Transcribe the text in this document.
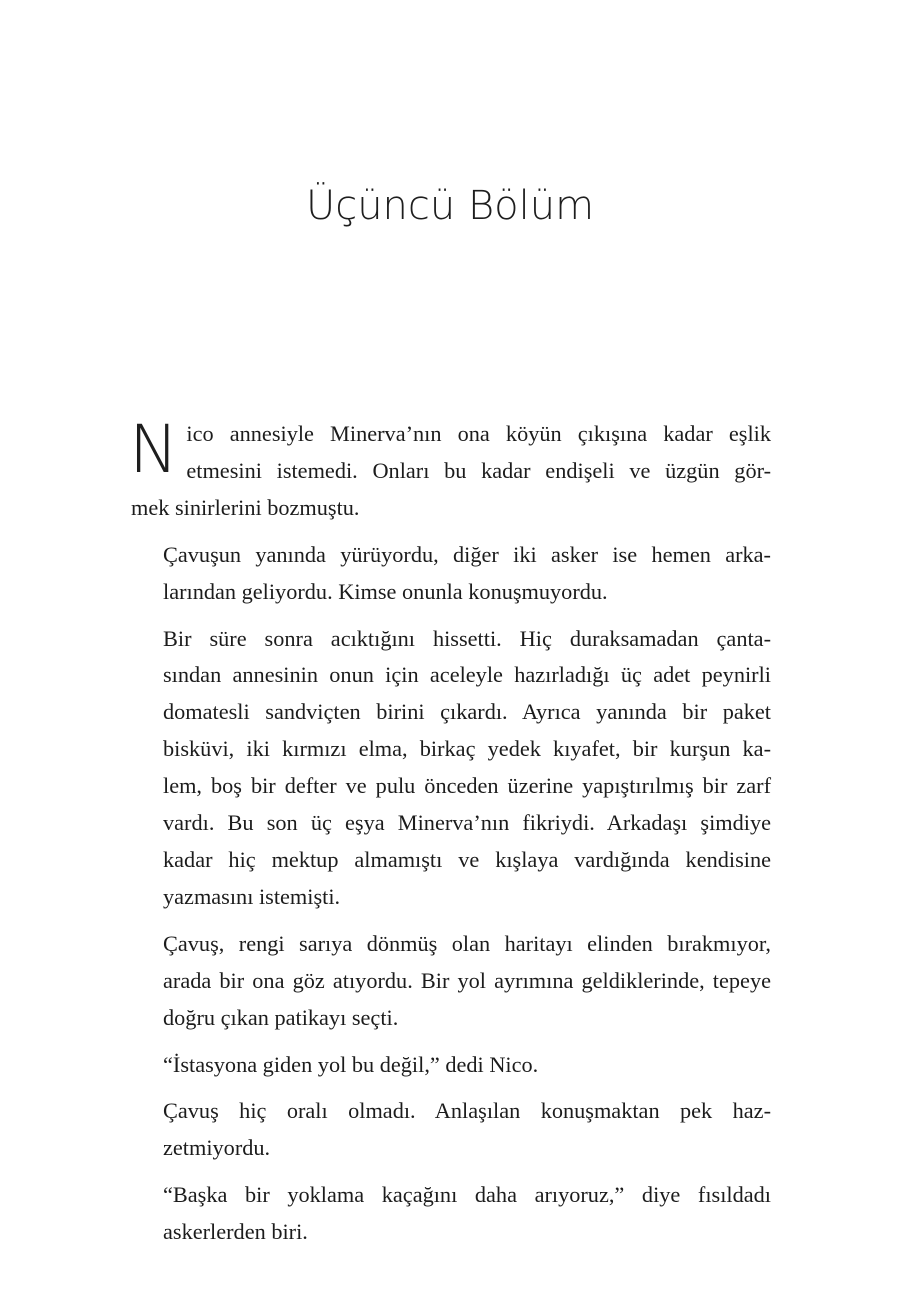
Üçüncü Bölüm
N ico annesiyle Minerva’nın ona köyün çıkışına kadar eşlik
etmesini istemedi. Onları bu kadar endişeli ve üzgün gör-
mek sinirlerini bozmuştu.
Çavuşun yanında yürüyordu, diğer iki asker ise hemen arka-
larından geliyordu. Kimse onunla konuşmuyordu.
Bir süre sonra acıktığını hissetti. Hiç duraksamadan çanta-
sından annesinin onun için aceleyle hazırladığı üç adet peynirli
domatesli sandviçten birini çıkardı. Ayrıca yanında bir paket
bisküvi, iki kırmızı elma, birkaç yedek kıyafet, bir kurşun ka-
lem, boş bir defter ve pulu önceden üzerine yapıştırılmış bir zarf
vardı. Bu son üç eşya Minerva’nın fikriydi. Arkadaşı şimdiye
kadar hiç mektup almamıştı ve kışlaya vardığında kendisine
yazmasını istemişti.
Çavuş, rengi sarıya dönmüş olan haritayı elinden bırakmıyor,
arada bir ona göz atıyordu. Bir yol ayrımına geldiklerinde, tepeye
doğru çıkan patikayı seçti.
“İstasyona giden yol bu değil,” dedi Nico.
Çavuş hiç oralı olmadı. Anlaşılan konuşmaktan pek haz-
zetmiyordu.
“Başka bir yoklama kaçağını daha arıyoruz,” diye fısıldadı
askerlerden biri.
